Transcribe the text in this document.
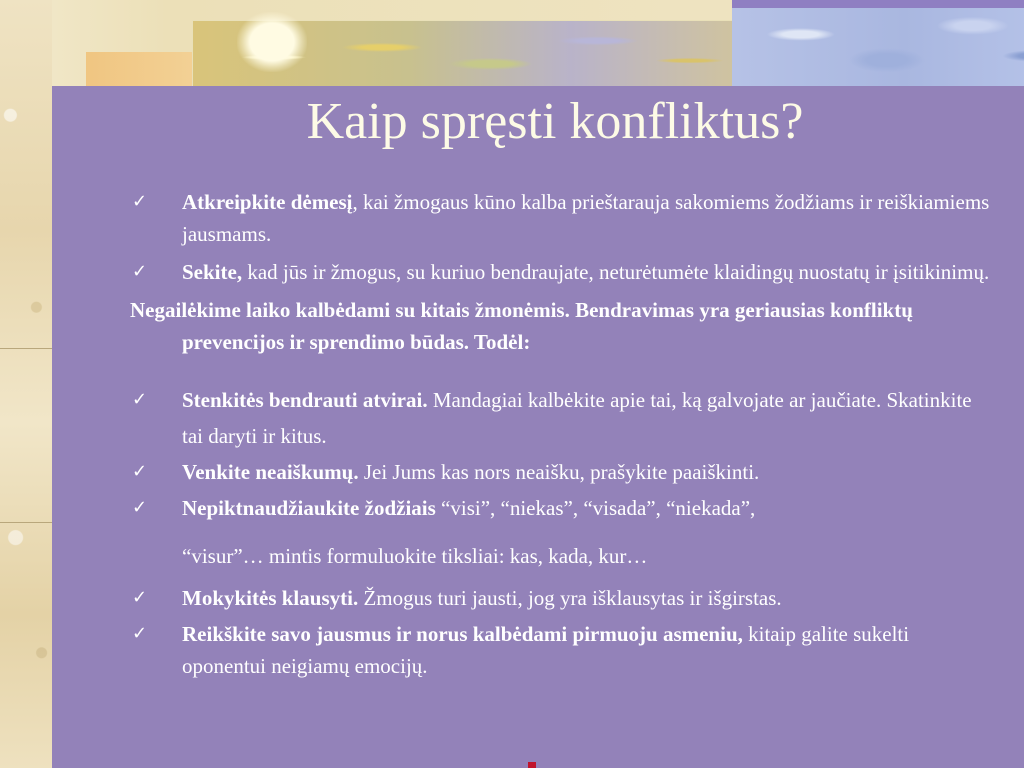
Kaip spręsti konfliktus?

✓ Atkreipkite dėmesį, kai žmogaus kūno kalba prieštarauja sakomiems žodžiams ir reiškiamiems jausmams.

✓ Sekite, kad jūs ir žmogus, su kuriuo bendraujate, neturėtumėte klaidingų nuostatų ir įsitikinimų.

Negailėkime laiko kalbėdami su kitais žmonėmis. Bendravimas yra geriausias konfliktų prevencijos ir sprendimo būdas. Todėl:

✓ Stenkitės bendrauti atvirai. Mandagiai kalbėkite apie tai, ką galvojate ar jaučiate. Skatinkite tai daryti ir kitus.

✓ Venkite neaiškumų. Jei Jums kas nors neaišku, prašykite paaiškinti.

✓ Nepiktnaudžiaukite žodžiais “visi”, “niekas”, “visada”, “niekada”,

“visur”… mintis formuluokite tiksliai: kas, kada, kur…

✓ Mokykitės klausyti. Žmogus turi jausti, jog yra išklausytas ir išgirstas.

✓ Reikškite savo jausmus ir norus kalbėdami pirmuoju asmeniu, kitaip galite sukelti oponentui neigiamų emocijų.
